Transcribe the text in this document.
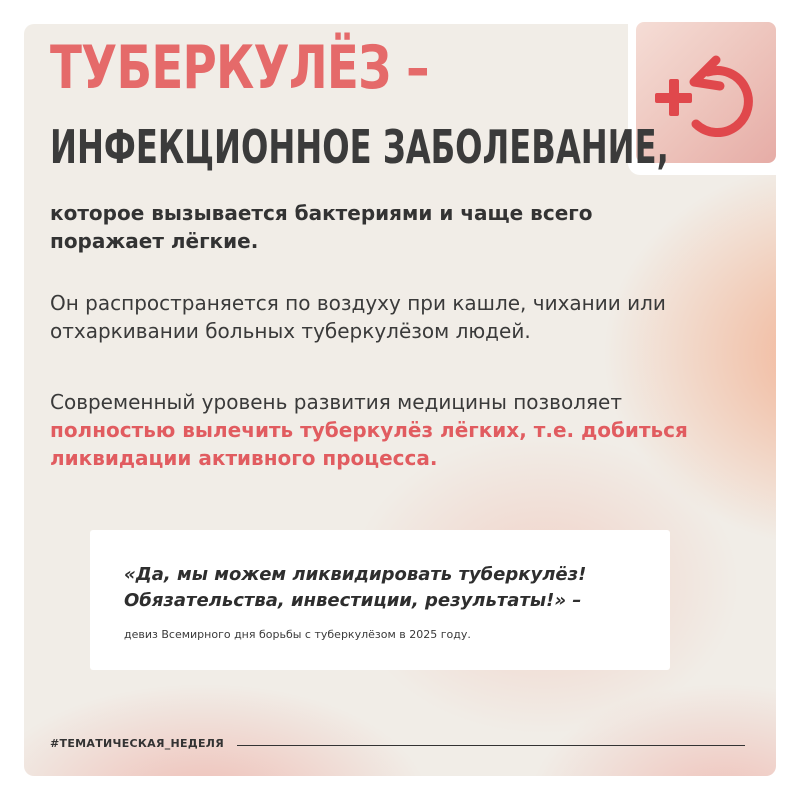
ТУБЕРКУЛЁЗ –
ИНФЕКЦИОННОЕ ЗАБОЛЕВАНИЕ,

которое вызывается бактериями и чаще всего поражает лёгкие.

Он распространяется по воздуху при кашле, чихании или отхаркивании больных туберкулёзом людей.

Современный уровень развития медицины позволяет полностью вылечить туберкулёз лёгких, т.е. добиться ликвидации активного процесса.

«Да, мы можем ликвидировать туберкулёз! Обязательства, инвестиции, результаты!» –

девиз Всемирного дня борьбы с туберкулёзом в 2025 году.

#ТЕМАТИЧЕСКАЯ_НЕДЕЛЯ
